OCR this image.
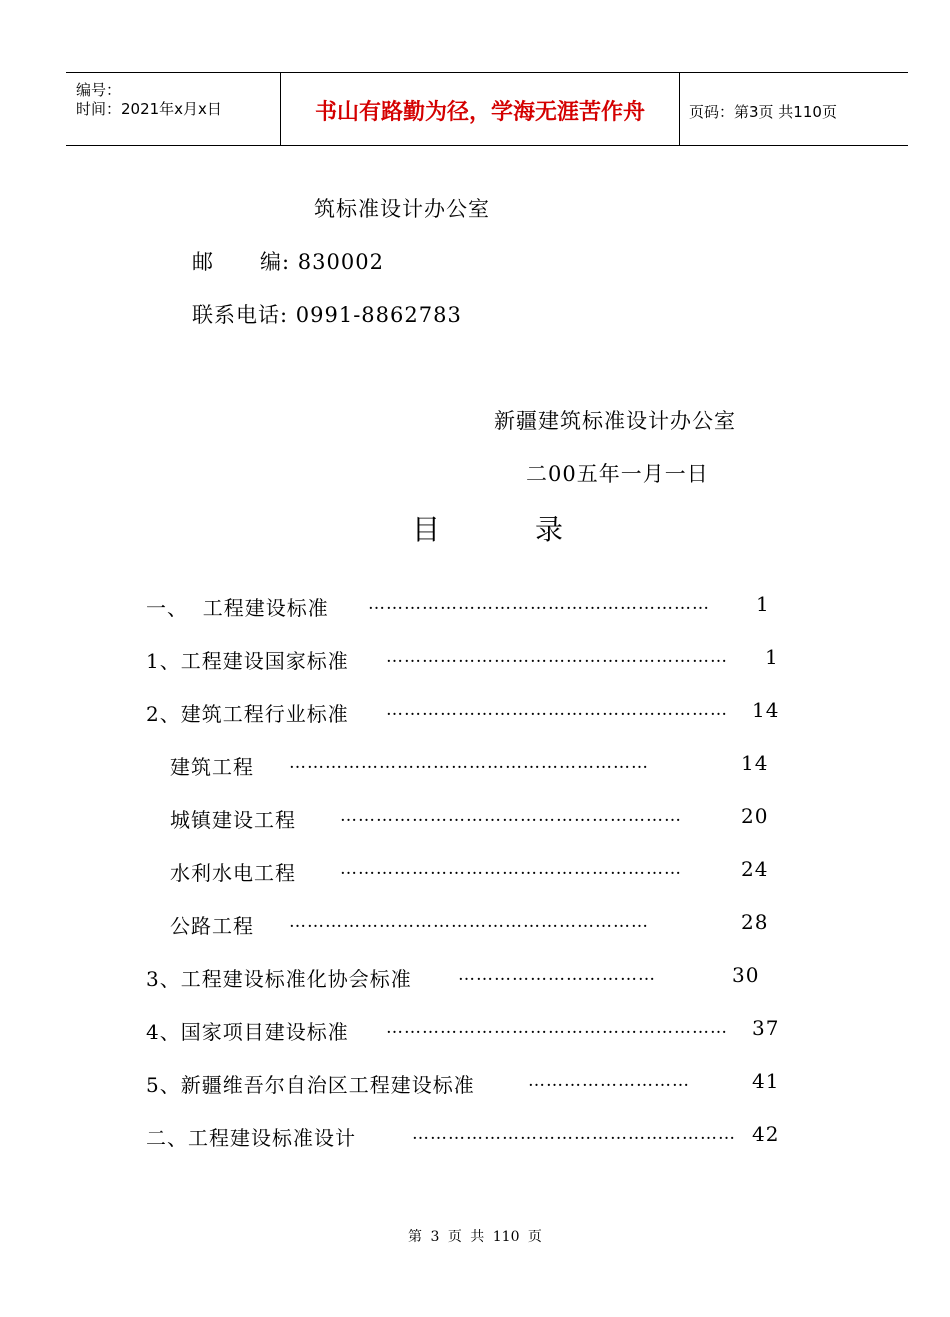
编号：
时间：2021年x月x日	书山有路勤为径，学海无涯苦作舟	页码：第3页 共110页
筑标准设计办公室
邮      编: 830002
联系电话: 0991-8862783
新疆建筑标准设计办公室
二00五年一月一日
目	录
一、  工程建设标准 ………………………………………………… 1
1、工程建设国家标准 ………………………………………………… 1
2、建筑工程行业标准 ………………………………………………… 14
建筑工程 ……………………………………………………	14
城镇建设工程	…………………………………………………	20
水利水电工程	…………………………………………………	24
公路工程 ……………………………………………………	28
3、工程建设标准化协会标准	……………………………	30
4、国家项目建设标准 ………………………………………………… 37
5、新疆维吾尔自治区工程建设标准	………………………	41
二、工程建设标准设计	……………………………………………… 42
第 3 页 共 110 页
